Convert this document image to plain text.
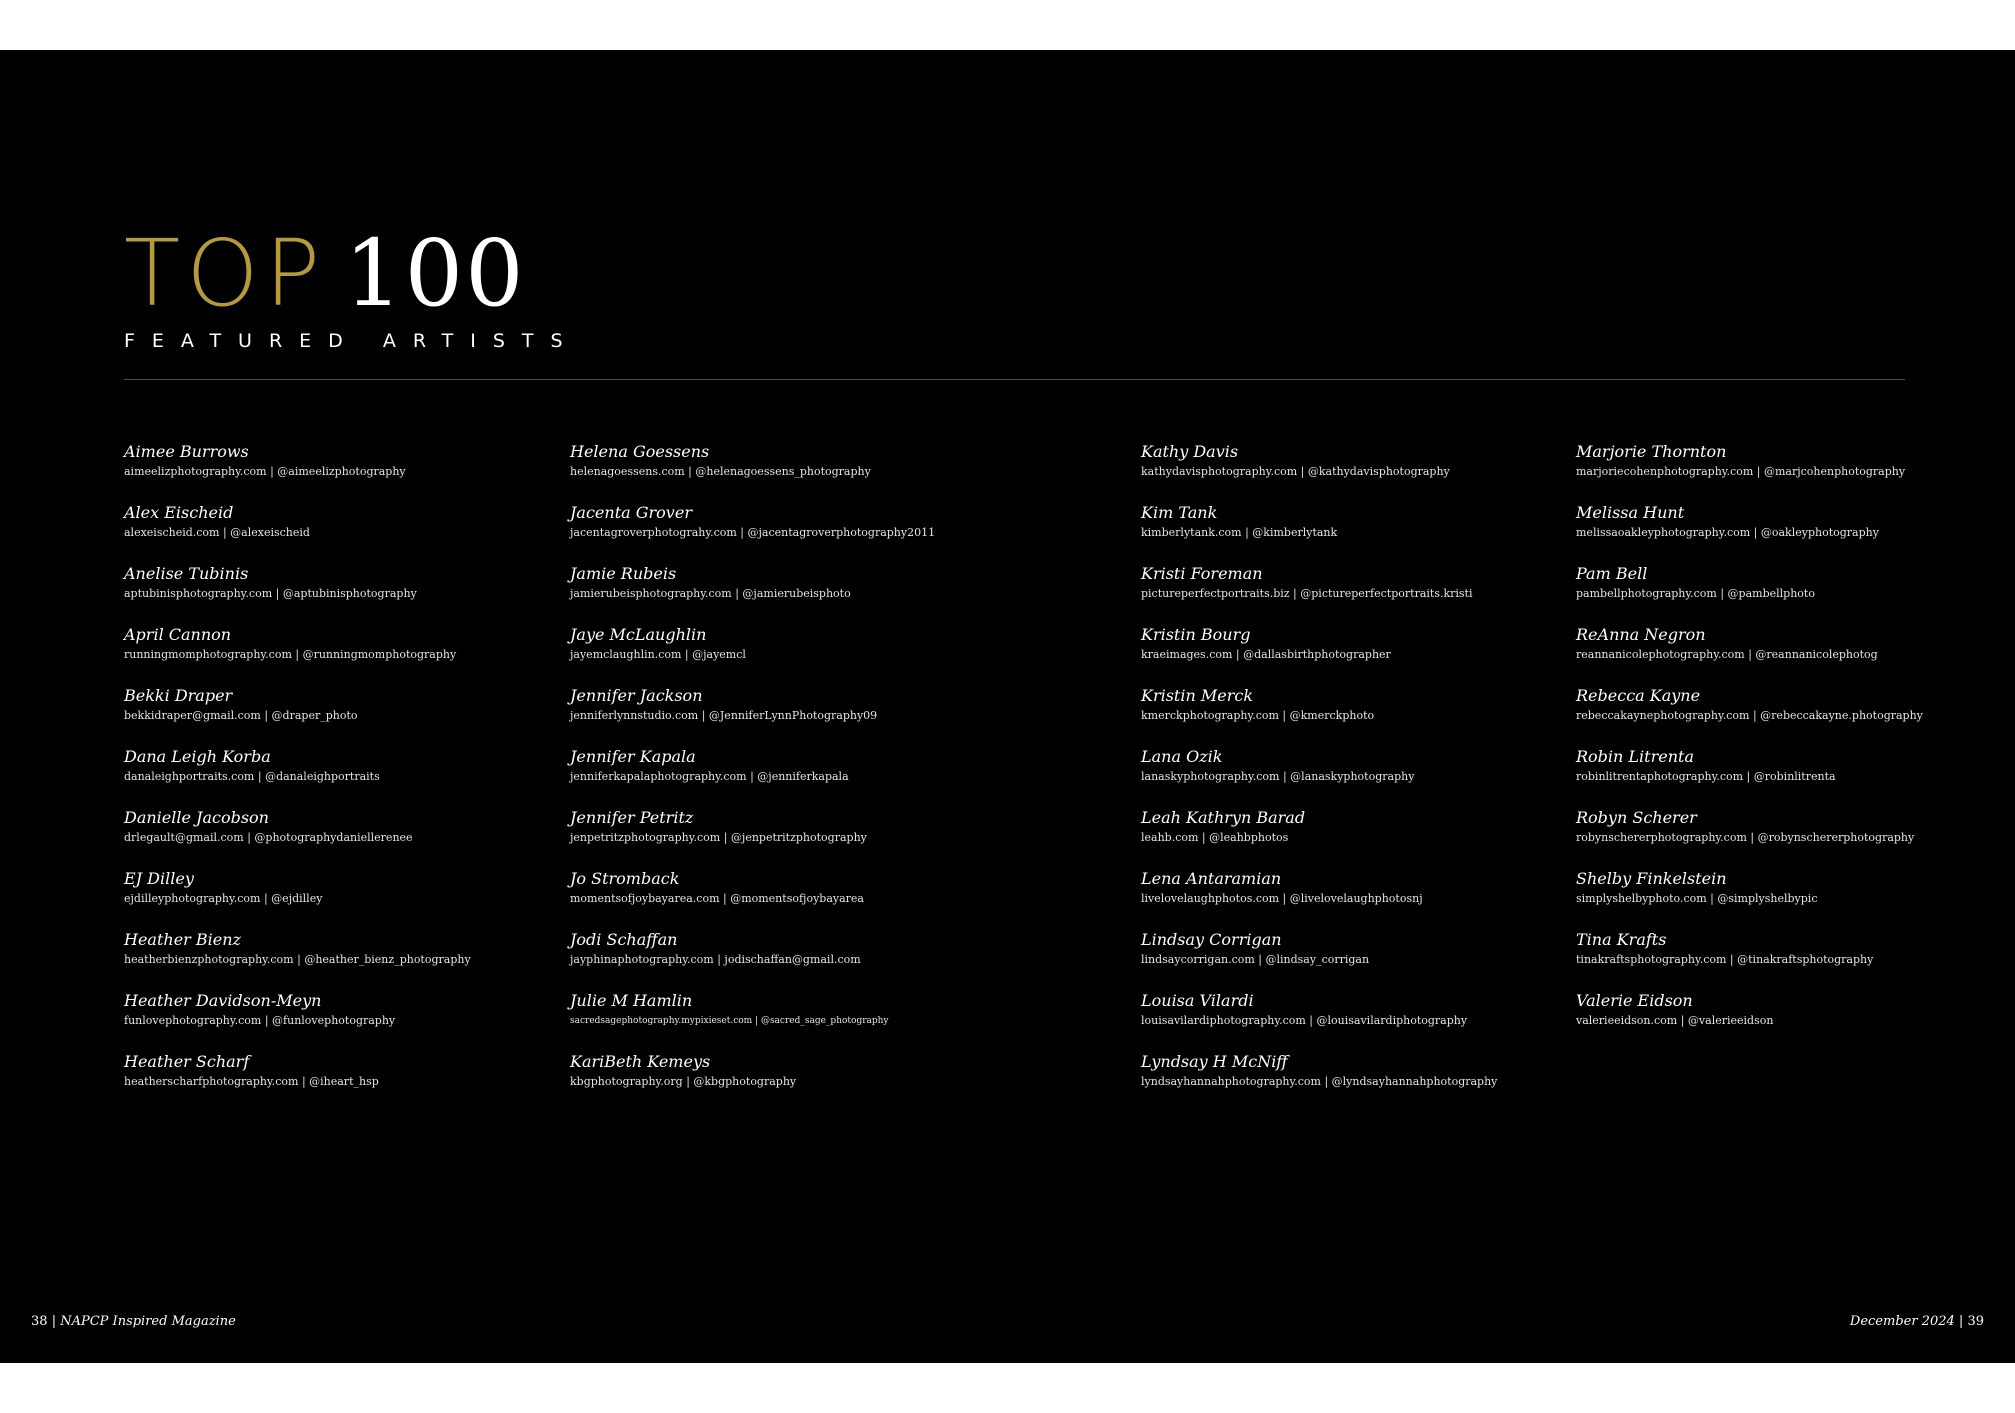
TOP 100
FEATURED ARTISTS
Aimee Burrows
aimeelizphotography.com | @aimeelizphotography
Alex Eischeid
alexeischeid.com | @alexeischeid
Anelise Tubinis
aptubinisphotography.com | @aptubinisphotography
April Cannon
runningmomphotography.com | @runningmomphotography
Bekki Draper
bekkidraper@gmail.com | @draper_photo
Dana Leigh Korba
danaleighportraits.com | @danaleighportraits
Danielle Jacobson
drlegault@gmail.com | @photographydaniellerenee
EJ Dilley
ejdilleyphotography.com | @ejdilley
Heather Bienz
heatherbienzphotography.com | @heather_bienz_photography
Heather Davidson-Meyn
funlovephotography.com | @funlovephotography
Heather Scharf
heatherscharfphotography.com | @iheart_hsp
Helena Goessens
helenagoessens.com | @helenagoessens_photography
Jacenta Grover
jacentagroverphotograhy.com | @jacentagroverphotography2011
Jamie Rubeis
jamierubeisphotography.com | @jamierubeisphoto
Jaye McLaughlin
jayemclaughlin.com | @jayemcl
Jennifer Jackson
jenniferlynnstudio.com | @JenniferLynnPhotography09
Jennifer Kapala
jenniferkapalaphotography.com | @jenniferkapala
Jennifer Petritz
jenpetritzphotography.com | @jenpetritzphotography
Jo Stromback
momentsofjoybayarea.com | @momentsofjoybayarea
Jodi Schaffan
jayphinaphotography.com | jodischaffan@gmail.com
Julie M Hamlin
sacredsagephotography.mypixieset.com | @sacred_sage_photography
KariBeth Kemeys
kbgphotography.org | @kbgphotography
Kathy Davis
kathydavisphotography.com | @kathydavisphotography
Kim Tank
kimberlytank.com | @kimberlytank
Kristi Foreman
pictureperfectportraits.biz | @pictureperfectportraits.kristi
Kristin Bourg
kraeimages.com | @dallasbirthphotographer
Kristin Merck
kmerckphotography.com | @kmerckphoto
Lana Ozik
lanaskyphotography.com | @lanaskyphotography
Leah Kathryn Barad
leahb.com | @leahbphotos
Lena Antaramian
livelovelaughphotos.com | @livelovelaughphotosnj
Lindsay Corrigan
lindsaycorrigan.com | @lindsay_corrigan
Louisa Vilardi
louisavilardiphotography.com | @louisavilardiphotography
Lyndsay H McNiff
lyndsayhannahphotography.com | @lyndsayhannahphotography
Marjorie Thornton
marjoriecohenphotography.com | @marjcohenphotography
Melissa Hunt
melissaoakleyphotography.com | @oakleyphotography
Pam Bell
pambellphotography.com | @pambellphoto
ReAnna Negron
reannanicolephotography.com | @reannanicolephotog
Rebecca Kayne
rebeccakaynephotography.com | @rebeccakayne.photography
Robin Litrenta
robinlitrentaphotography.com | @robinlitrenta
Robyn Scherer
robynschererphotography.com | @robynschererphotography
Shelby Finkelstein
simplyshelbyphoto.com | @simplyshelbypic
Tina Krafts
tinakraftsphotography.com | @tinakraftsphotography
Valerie Eidson
valerieeidson.com | @valerieeidson
38 | NAPCP Inspired Magazine	December 2024 | 39
